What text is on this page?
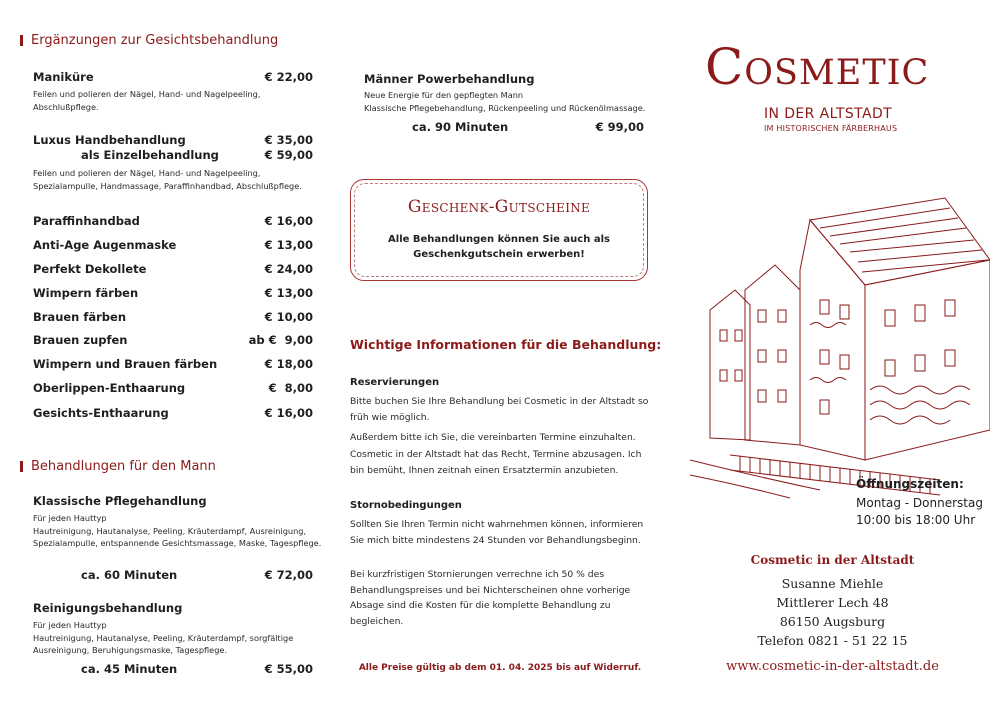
Ergänzungen zur Gesichtsbehandlung
Maniküre	€ 22,00
Feilen und polieren der Nägel, Hand- und Nagelpeeling, Abschlußpflege.
Luxus Handbehandlung	€ 35,00
als Einzelbehandlung	€ 59,00
Feilen und polieren der Nägel, Hand- und Nagelpeeling, Spezialampulle, Handmassage, Paraffinhandbad, Abschlußpflege.
Paraffinhandbad	€ 16,00
Anti-Age Augenmaske	€ 13,00
Perfekt Dekollete	€ 24,00
Wimpern färben	€ 13,00
Brauen färben	€ 10,00
Brauen zupfen	ab €  9,00
Wimpern und Brauen färben	€ 18,00
Oberlippen-Enthaarung	€  8,00
Gesichts-Enthaarung	€ 16,00
Behandlungen für den Mann
Klassische Pflegehandlung
Für jeden Hauttyp
Hautreinigung, Hautanalyse, Peeling, Kräuterdampf, Ausreinigung, Spezialampulle, entspannende Gesichtsmassage, Maske, Tagespflege.
ca. 60 Minuten	€ 72,00
Reinigungsbehandlung
Für jeden Hauttyp
Hautreinigung, Hautanalyse, Peeling, Kräuterdampf, sorgfältige Ausreinigung, Beruhigungsmaske, Tagespflege.
ca. 45 Minuten	€ 55,00
Männer Powerbehandlung
Neue Energie für den gepflegten Mann
Klassische Pflegebehandlung, Rückenpeeling und Rückenölmassage.
ca. 90 Minuten	€ 99,00
Geschenk-Gutscheine
Alle Behandlungen können Sie auch als Geschenkgutschein erwerben!
Wichtige Informationen für die Behandlung:
Reservierungen
Bitte buchen Sie Ihre Behandlung bei Cosmetic in der Altstadt so früh wie möglich.
Außerdem bitte ich Sie, die vereinbarten Termine einzuhalten.
Cosmetic in der Altstadt hat das Recht, Termine abzusagen. Ich bin bemüht, Ihnen zeitnah einen Ersatztermin anzubieten.
Stornobedingungen
Sollten Sie Ihren Termin nicht wahrnehmen können, informieren Sie mich bitte mindestens 24 Stunden vor Behandlungsbeginn.
Bei kurzfristigen Stornierungen verrechne ich 50 % des Behandlungspreises und bei Nichterscheinen ohne vorherige Absage sind die Kosten für die komplette Behandlung zu begleichen.
Alle Preise gültig ab dem 01. 04. 2025 bis auf Widerruf.
Cosmetic
IN DER ALTSTADT
IM HISTORISCHEN FÄRBERHAUS
Öffnungszeiten:
Montag - Donnerstag
10:00 bis 18:00 Uhr
Cosmetic in der Altstadt
Susanne Miehle
Mittlerer Lech 48
86150 Augsburg
Telefon 0821 - 51 22 15
www.cosmetic-in-der-altstadt.de
